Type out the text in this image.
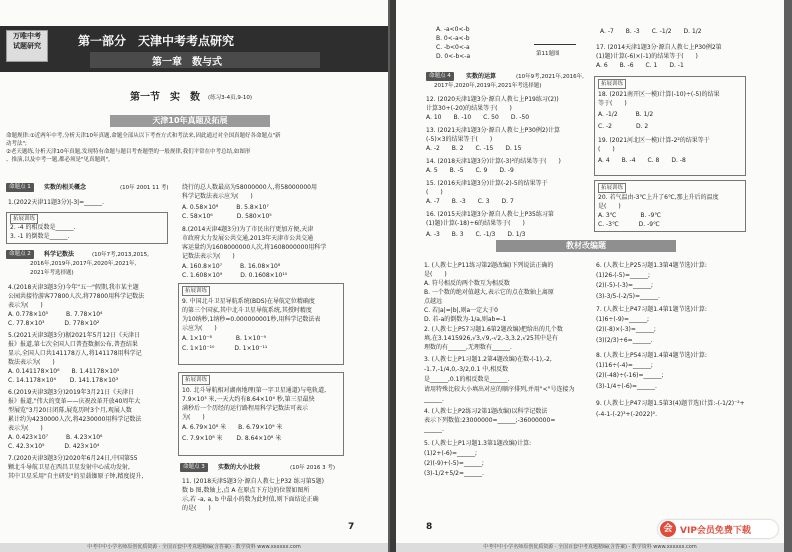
万唯中考
试题研究	第一部分　天津中考考点研究
第一章　数与式
第一节　实　数 (练习3-4页,9-10)
天津10年真题及拓展
命题规律:①近两年中考,分析天津10年真题,命题全部从以下考查方式和考法来,因此通过对全国真题好各命题点"新
动考法";
②老天题练,分析天津10年真题,发现特有命题与题目考查题型的一般规律,我们平常在中考总结,如图形
、推演,以及中考一题,都必须是"见真题到"。
命题点 1	实数的相关概念	(10年 2001 11 考)
1.(2022天津11题3分)|-3|=______.
拓展训练
2. -4 的相反数是______.
3. -1 的倒数是______.
命题点 2	科学记数法	(10年7考,2013,2015,
2016年,2019年,2017年,2020年,2021年,
2021年考选择题)
4.(2018天津3题3分)今年"五一"假期,我市某主题
公园共接待游客77800人次,将77800用科学记数法
表示为(　　)
A. 0.778×10⁵　　　B. 7.78×10⁴
C. 77.8×10³　　　 D. 778×10²
5.(2021天津3题3分)据2021年5月12日《天津日
报》报道,第七次全国人口普查数据公布,普查结果
显示,全国人口共141178万人,将141178用科学记
数法表示为(　　)
A. 0.141178×10⁶　　B. 1.41178×10⁵
C. 14.1178×10⁴　　 D. 141.178×10³
6.(2019天津3题3分)2019年3月21日《天津日
报》报道,"伟大的变革——庆祝改革开放40周年大
型展览"3月20日闭幕,展览历时3个月,观展人数
累计约为4230000人次,将4230000用科学记数法
表示为(　　)
A. 0.423×10⁷　　　B. 4.23×10⁶
C. 42.3×10⁵　　　 D. 423×10⁴
7.(2020天津3题3分)2020年6月24日,中国第55
颗北斗导航卫星在西昌卫星发射中心成功发射,
其中卫星采用"自主研发"的星载铷原子钟,精度提升,
绕行的总人数最高为58000000人,将58000000用
科学记数法表示应为(　　)
A. 0.58×10⁸　　　B. 5.8×10⁷
C. 58×10⁶　　　　D. 580×10⁵
8.(2014天津4题3分)为了市民出行更加方便,天津
市政府大力发展公共交通,2013年天津市公共交通
客运量约为1608000000人次,将1608000000用科学
记数法表示为(　　)
A. 160.8×10⁷　　　B. 16.08×10⁸
C. 1.608×10⁹　　　D. 0.1608×10¹⁰
拓展训练
9. 中国北斗卫星导航系统(BDS)在导航定位精确度
的第三个国家,其中北斗卫星导航系统,其授时精度
为10纳秒,1纳秒=0.000000001秒,用科学记数法表
示应为(　　)
A. 1×10⁻⁸　　　　B. 1×10⁻⁹
C. 1×10⁻¹⁰　　　 D. 1×10⁻¹¹
拓展训练
10. 北斗导航相对湖南地理(第一字卫星通道)与电轨道,
7.9×10³ 米,一天大约有8.64×10⁴ 秒,第三星最快
满秒后一个历经的运行路程用科学记数法可表示
为(　　)
A. 6.79×10⁸ 米　　B. 6.79×10⁹ 米
C. 7.9×10⁸ 米　　 D. 8.64×10⁸ 米
命题点 3	实数的大小比较	(10年 2016 3 考)
11. (2018天津5题3分·源自人教七上P32 练习第5题)
数 b 图,数轴上,点 A 在原点下方边的位置如图所
示,若 -a, a, b 中最小的数为此时值,则下面结论正确
的是(　　)
7
中考中中小学名师原创优质资源 · 全国百套中考真题精编(含答案) · 数学资料 www.xxxxxx.com
A. -a<0<-b
B. 0<-a<-b
C. -b<0<-a
D. 0<-b<-a	第11题图
命题点 4	实数的运算	(10年9考,2021年,2016年,
2017年,2020年,2019年,2021年考选择题)
12. (2020天津1题3分·源自人教七上P19练习(2))
计算30+(-20)的结果等于(　　)
A. 10　　B. -10　　C. 50　　D. -50
13. (2021天津1题3分·源自人教七上P30例2)计算
(-5)×3的结果等于(　　)
A. -2　　B. 2　　C. -15　　D. 15
14. (2018天津1题3分)计算(-3)²的结果等于(　　)
A. 5　　B. -5　　C. 9　　D. -9
15. (2016天津1题3分)计算(-2)-5的结果等于
(　　)
A. -7　　B. -3　　C. 3　　D. 7
16. (2015天津1题3分·源自人教七上P35练习第
(1)题)计算(-18)÷6的结果等于(　　)
A. -3　　B. 3　　C. -1/3　　D. 1/3
A. -7　　B. -3　　C. -1/2　　D. 1/2
17. (2014天津1题3分·源自人教七上P30例2第
(1)题)计算(-6)×(-1)的结果等于(　　)
A. 6　　B. -6　　C. 1　　D. -1
拓展训练
18. (2021南开区一模)计算(-10)÷(-5)的结果
等于(　　)
A. -1/2　　　B. 1/2
C. -2　　　　D. 2
19. (2021河北区一模)计算-2²的结果等于
(　　)
A. 4　　B. -4　　C. 8　　D. -8
拓展训练
20. 若气温由-3℃上升了6℃,那上升后的温度
是(　　)
A. 3℃　　　　B. -9℃
C. -3℃　　　 D. -9℃
教材改编题
1. (人教七上P11练习第2题改编)下列说法正确的
是(　　)
A. 符号相反的两个数互为相反数
B. 一个数的绝对值越大,表示它的点在数轴上离原
点越远
C. 若|a|=|b|,则a一定大于0
D. 若-a的倒数为-1/a,则ab=-1
2. (人教七上P57习题1.6第2题改编)把给出的几个数
填,在3.1415926,√3,√9,-√2,-3,3.2,√25其中是有
理数的有______,无理数有______.
3. (人教七上P1习题1.2第4题改编)在数-(-1),-2,
-1.7,-1/4,0,-3/2,0.1 中,相反数
是______,0.1的相反数是______.
请用特殊比较大小填出对应的顺序排列,并用"<"号连接为
______.
4. (人教七上P2练习2第1题改编)以科学记数法
表示下列数值:23000000=______;-36000000=
______.
5. (人教七上P1习题1.3第1题改编)计算:
(1)2+(-6)=______;
(2)(-9)+(-5)=______;
(3)-1/2+5/2=______.
6. (人教七上P25习题1.3第4题节选)计算:
(1)26-(-5)=______;
(2)(-5)-(-3)=______;
(3)-3/5-(-2/5)=______.
7. (人教七上P47习题1.4第1题节选)计算:
(1)6÷(-9)=______;
(2)(-8)×(-3)=______;
(3)(2/3)÷6=______.
8. (人教七上P54习题1.4第4题节选)计算:
(1)16÷(-4)=______;
(2)(-48)÷(-16)=______;
(3)-1/4÷(-6)=______.
9. (人教七上P47习题1.5第3(4)题节选)计算:-(-1/2)⁻²+
(-4-1-(-2)³+(-2022)⁰.
8
中考中中小学名师原创优质资源 · 全国百套中考真题精编(含答案) · 数学资料 www.xxxxxx.com
会 VIP会员免费下载
